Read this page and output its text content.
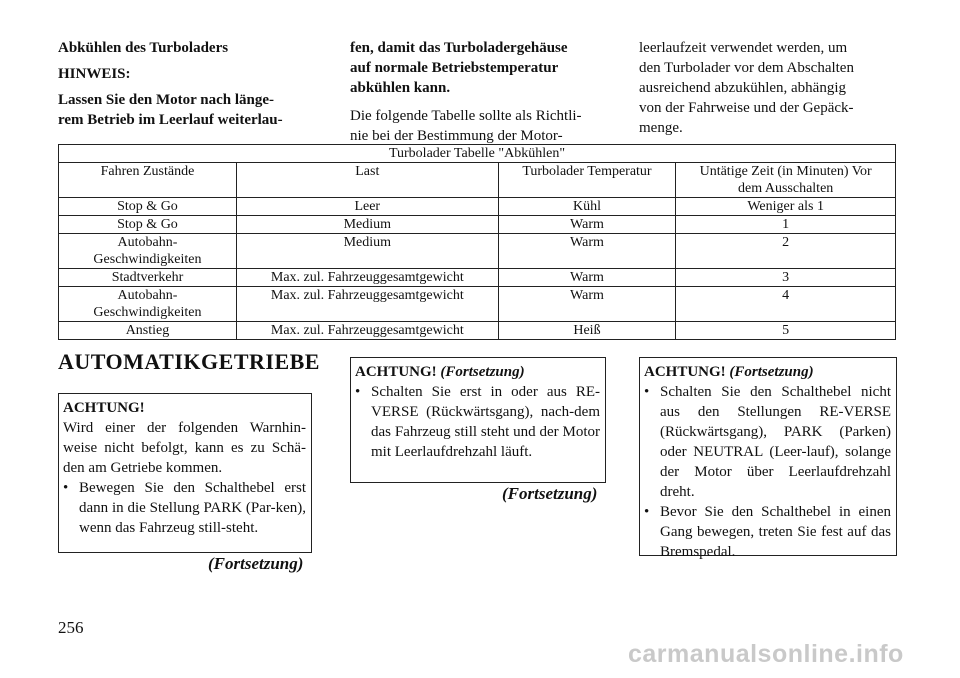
Abkühlen des Turboladers

HINWEIS:

Lassen Sie den Motor nach länge-

rem Betrieb im Leerlauf weiterlau-

fen, damit das Turboladergehäuse

auf normale Betriebstemperatur

abkühlen kann.

Die folgende Tabelle sollte als Richtli-

nie bei der Bestimmung der Motor-

leerlaufzeit verwendet werden, um

den Turbolader vor dem Abschalten

ausreichend abzukühlen, abhängig

von der Fahrweise und der Gepäck-

menge.

Turbolader Tabelle "Abkühlen"			
Fahren Zustände	Last	Turbolader Temperatur	Untätige Zeit (in Minuten) Vor dem Ausschalten
Stop & Go	Leer	Kühl	Weniger als 1
Stop & Go	Medium	Warm	1
Autobahn-Geschwindigkeiten	Medium	Warm	2
Stadtverkehr	Max. zul. Fahrzeuggesamtgewicht	Warm	3
Autobahn-Geschwindigkeiten	Max. zul. Fahrzeuggesamtgewicht	Warm	4
Anstieg	Max. zul. Fahrzeuggesamtgewicht	Heiß	5
AUTOMATIKGETRIEBE
ACHTUNG!
Wird einer der folgenden Warnhin-weise nicht befolgt, kann es zu Schä-den am Getriebe kommen.
• Bewegen Sie den Schalthebel erst dann in die Stellung PARK (Par-ken), wenn das Fahrzeug still-steht.
(Fortsetzung)
ACHTUNG! (Fortsetzung)
• Schalten Sie erst in oder aus RE-VERSE (Rückwärtsgang), nach-dem das Fahrzeug still steht und der Motor mit Leerlaufdrehzahl läuft.
(Fortsetzung)
ACHTUNG! (Fortsetzung)
• Schalten Sie den Schalthebel nicht aus den Stellungen RE-VERSE (Rückwärtsgang), PARK (Parken) oder NEUTRAL (Leer-lauf), solange der Motor über Leerlaufdrehzahl dreht.
• Bevor Sie den Schalthebel in einen Gang bewegen, treten Sie fest auf das Bremspedal.
256
carmanualsonline.info
